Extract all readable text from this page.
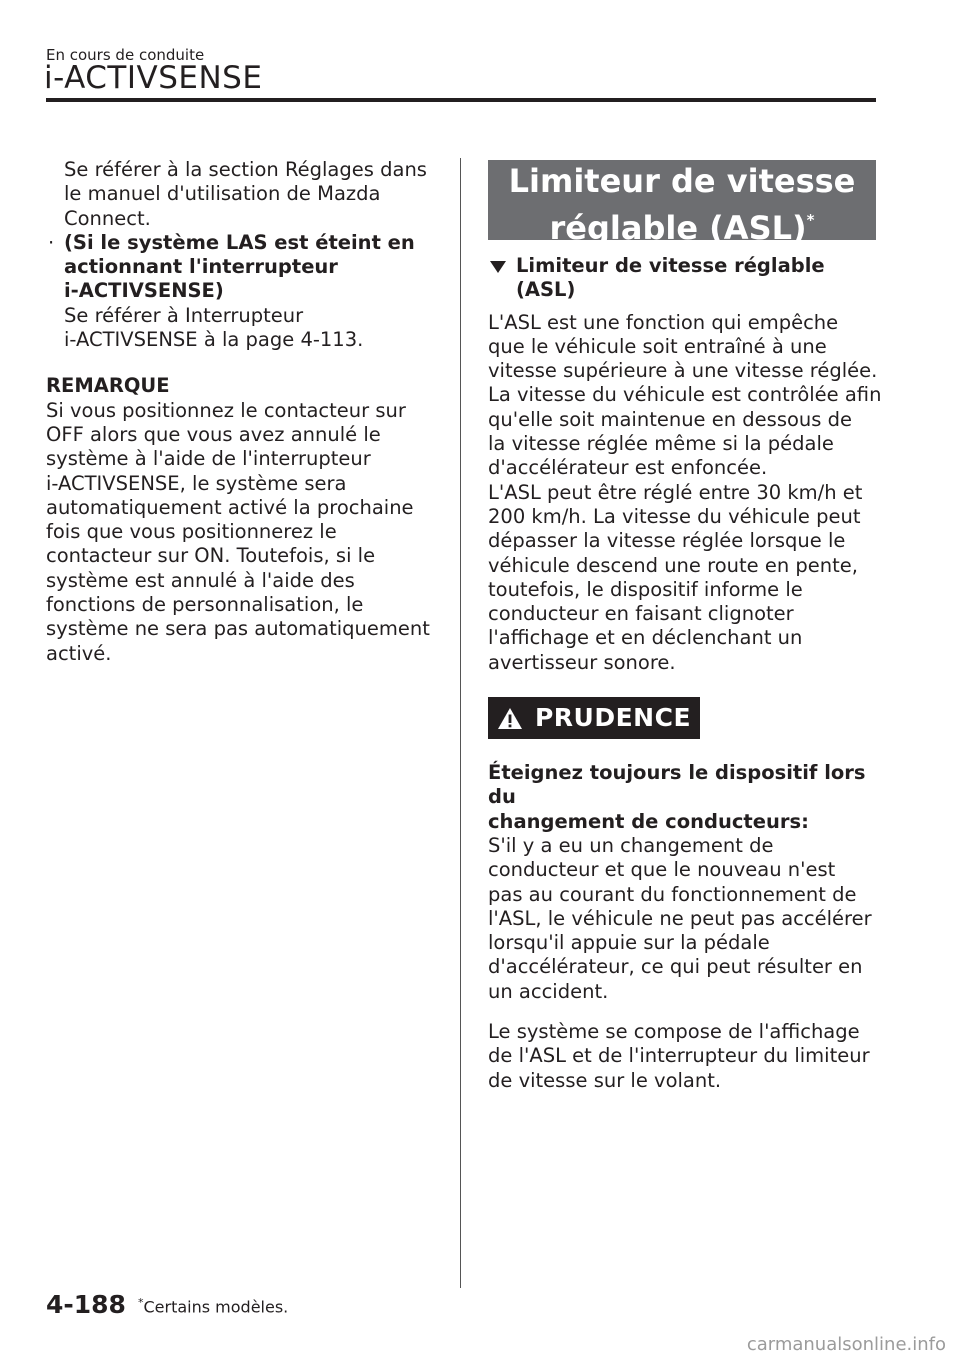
En cours de conduite
i-ACTIVSENSE
Se référer à la section Réglages dans
le manuel d'utilisation de Mazda
Connect.
· (Si le système LAS est éteint en
actionnant l'interrupteur
i-ACTIVSENSE)
Se référer à Interrupteur
i-ACTIVSENSE à la page 4-113.
REMARQUE
Si vous positionnez le contacteur sur
OFF alors que vous avez annulé le
système à l'aide de l'interrupteur
i-ACTIVSENSE, le système sera
automatiquement activé la prochaine
fois que vous positionnerez le
contacteur sur ON. Toutefois, si le
système est annulé à l'aide des
fonctions de personnalisation, le
système ne sera pas automatiquement
activé.
Limiteur de vitesse
réglable (ASL)*
Limiteur de vitesse réglable (ASL)
L'ASL est une fonction qui empêche
que le véhicule soit entraîné à une
vitesse supérieure à une vitesse réglée.
La vitesse du véhicule est contrôlée afin
qu'elle soit maintenue en dessous de
la vitesse réglée même si la pédale
d'accélérateur est enfoncée.
L'ASL peut être réglé entre 30 km/h et
200 km/h. La vitesse du véhicule peut
dépasser la vitesse réglée lorsque le
véhicule descend une route en pente,
toutefois, le dispositif informe le
conducteur en faisant clignoter
l'affichage et en déclenchant un
avertisseur sonore.
PRUDENCE
Éteignez toujours le dispositif lors du
changement de conducteurs:
S'il y a eu un changement de
conducteur et que le nouveau n'est
pas au courant du fonctionnement de
l'ASL, le véhicule ne peut pas accélérer
lorsqu'il appuie sur la pédale
d'accélérateur, ce qui peut résulter en
un accident.
Le système se compose de l'affichage
de l'ASL et de l'interrupteur du limiteur
de vitesse sur le volant.
4-188 *Certains modèles.
carmanualsonline.info
